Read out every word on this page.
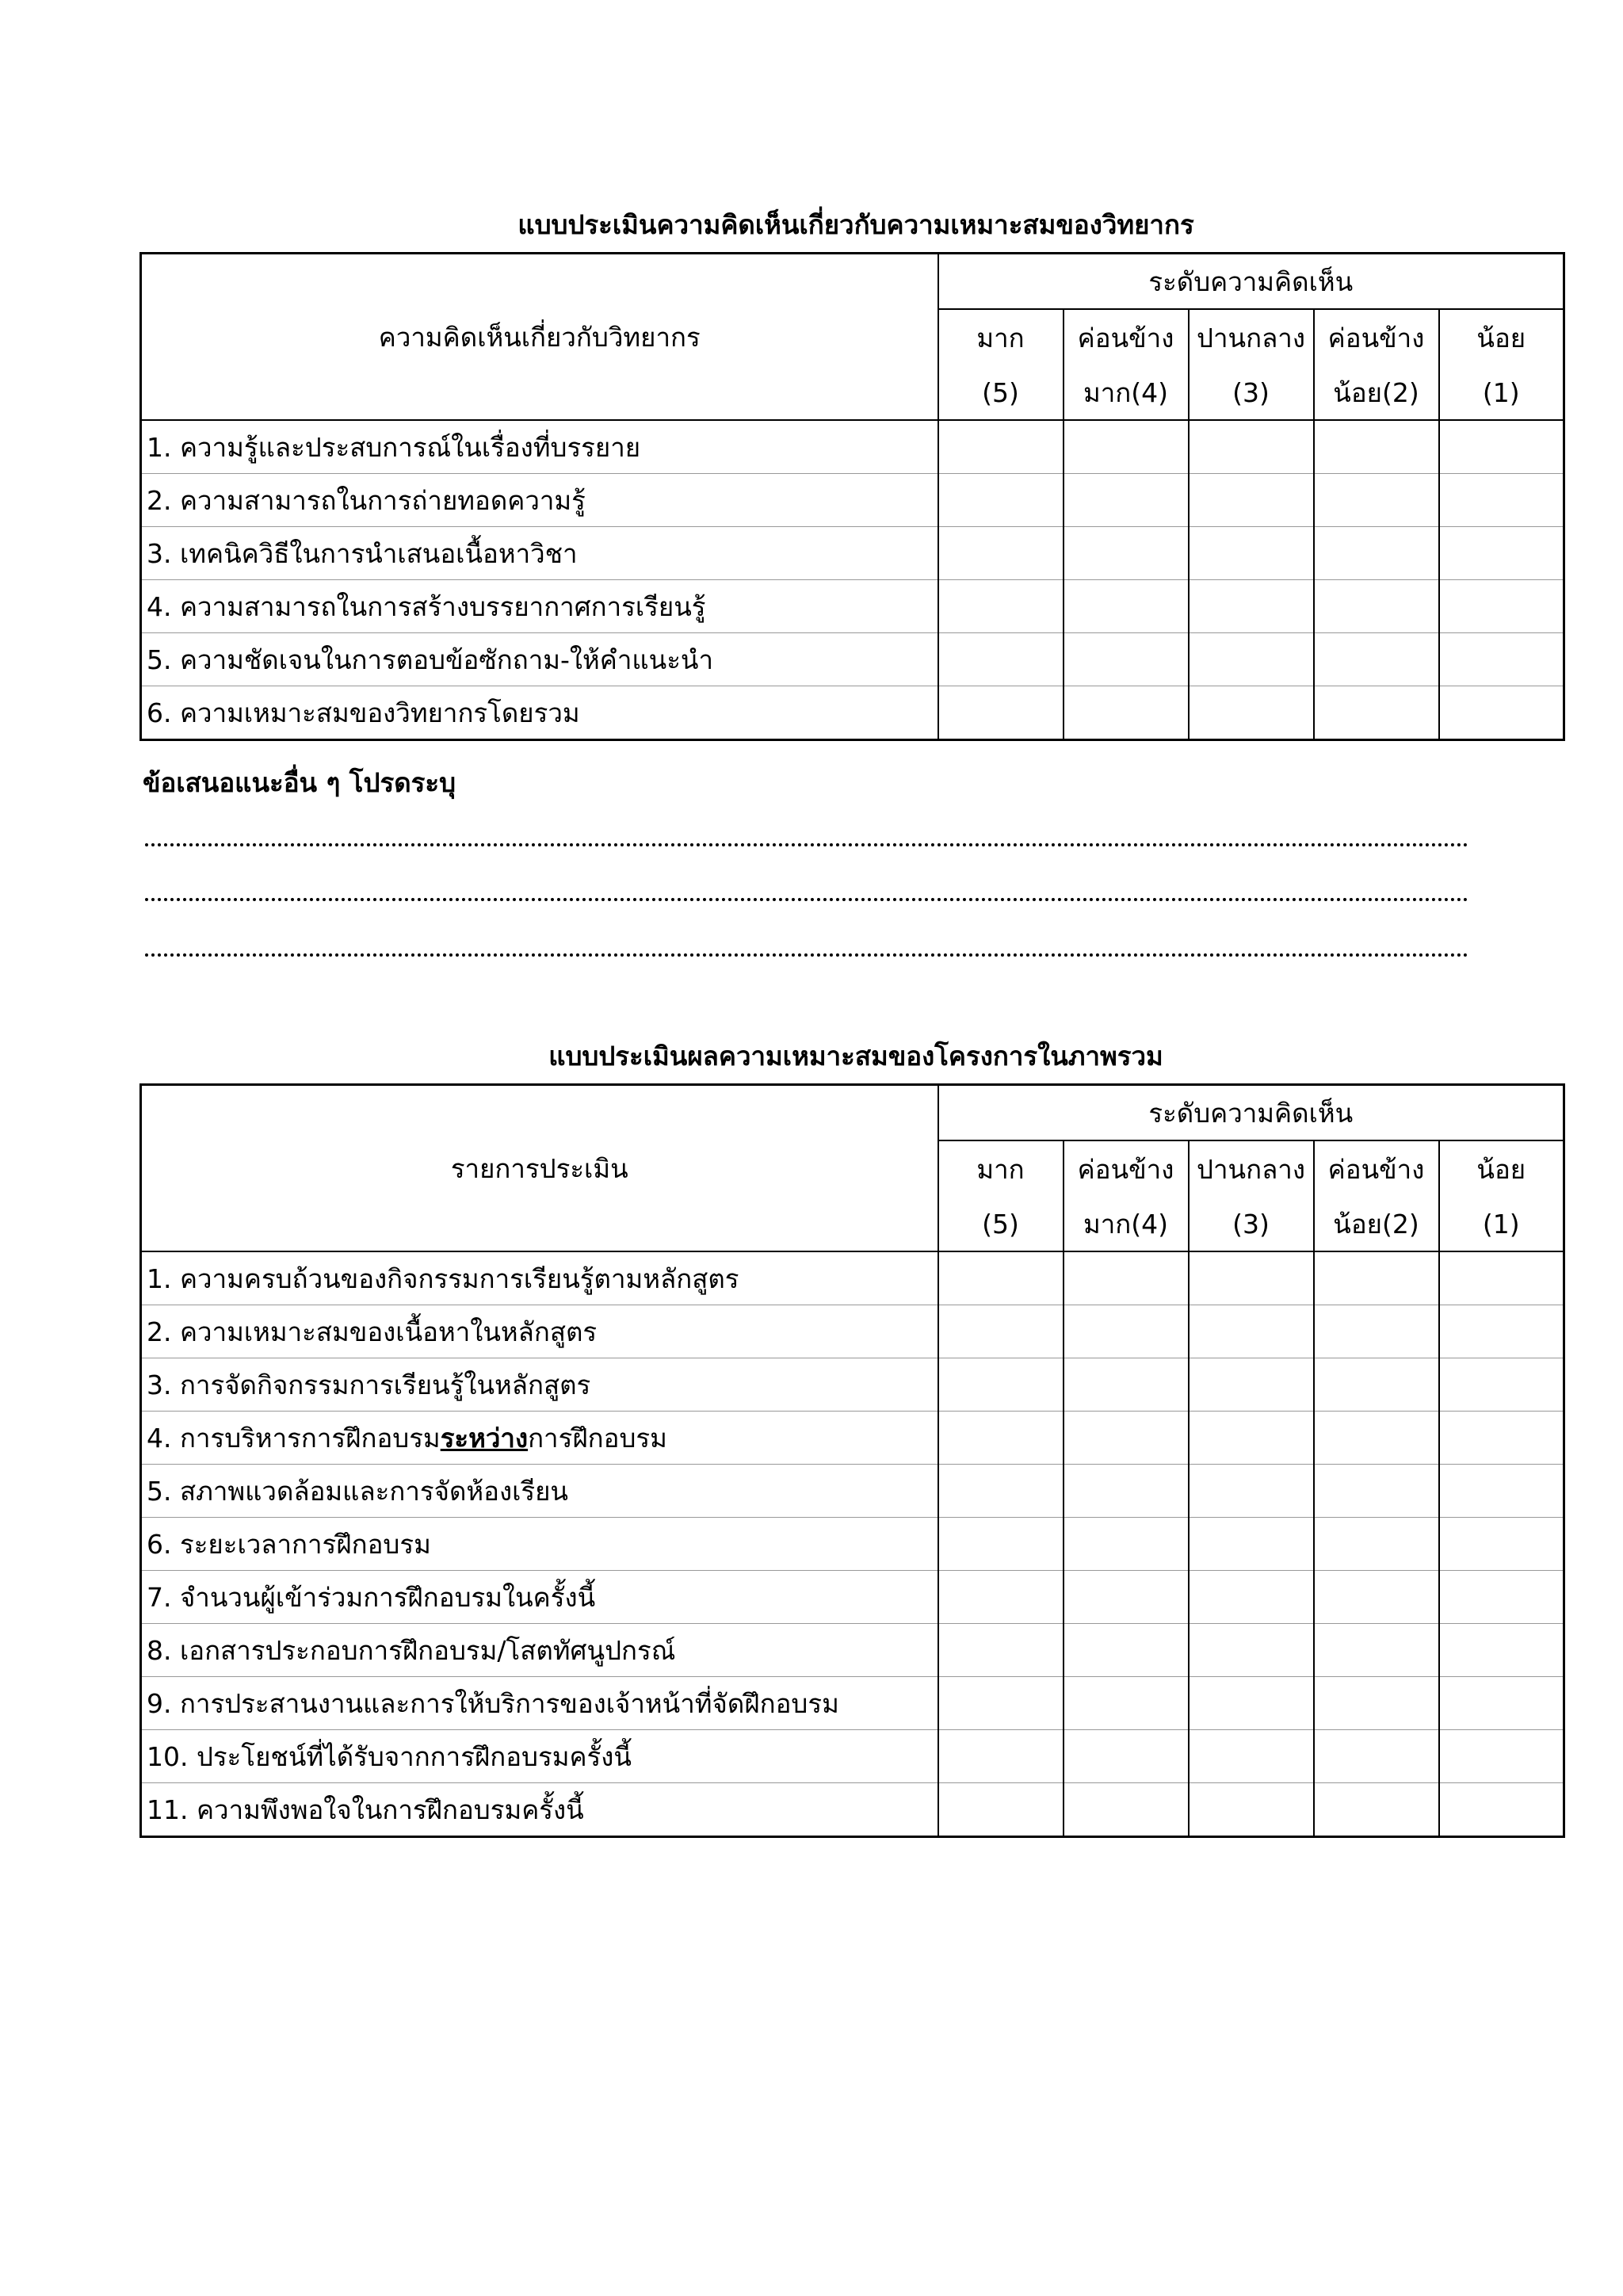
แบบประเมินความคิดเห็นเกี่ยวกับความเหมาะสมของวิทยากร
ความคิดเห็นเกี่ยวกับวิทยากร	ระดับความคิดเห็น				
	มาก	ค่อนข้าง	ปานกลาง	ค่อนข้าง	น้อย
	(5)	มาก(4)	(3)	น้อย(2)	(1)
1. ความรู้และประสบการณ์ในเรื่องที่บรรยาย					
2. ความสามารถในการถ่ายทอดความรู้					
3. เทคนิควิธีในการนำเสนอเนื้อหาวิชา					
4. ความสามารถในการสร้างบรรยากาศการเรียนรู้					
5. ความชัดเจนในการตอบข้อซักถาม-ให้คำแนะนำ					
6. ความเหมาะสมของวิทยากรโดยรวม					
ข้อเสนอแนะอื่น ๆ โปรดระบุ
แบบประเมินผลความเหมาะสมของโครงการในภาพรวม
รายการประเมิน	ระดับความคิดเห็น				
	มาก	ค่อนข้าง	ปานกลาง	ค่อนข้าง	น้อย
	(5)	มาก(4)	(3)	น้อย(2)	(1)
1. ความครบถ้วนของกิจกรรมการเรียนรู้ตามหลักสูตร					
2. ความเหมาะสมของเนื้อหาในหลักสูตร					
3. การจัดกิจกรรมการเรียนรู้ในหลักสูตร					
4. การบริหารการฝึกอบรมระหว่างการฝึกอบรม					
5. สภาพแวดล้อมและการจัดห้องเรียน					
6. ระยะเวลาการฝึกอบรม					
7. จำนวนผู้เข้าร่วมการฝึกอบรมในครั้งนี้					
8. เอกสารประกอบการฝึกอบรม/โสตทัศนูปกรณ์					
9. การประสานงานและการให้บริการของเจ้าหน้าที่จัดฝึกอบรม					
10. ประโยชน์ที่ได้รับจากการฝึกอบรมครั้งนี้					
11. ความพึงพอใจในการฝึกอบรมครั้งนี้					
